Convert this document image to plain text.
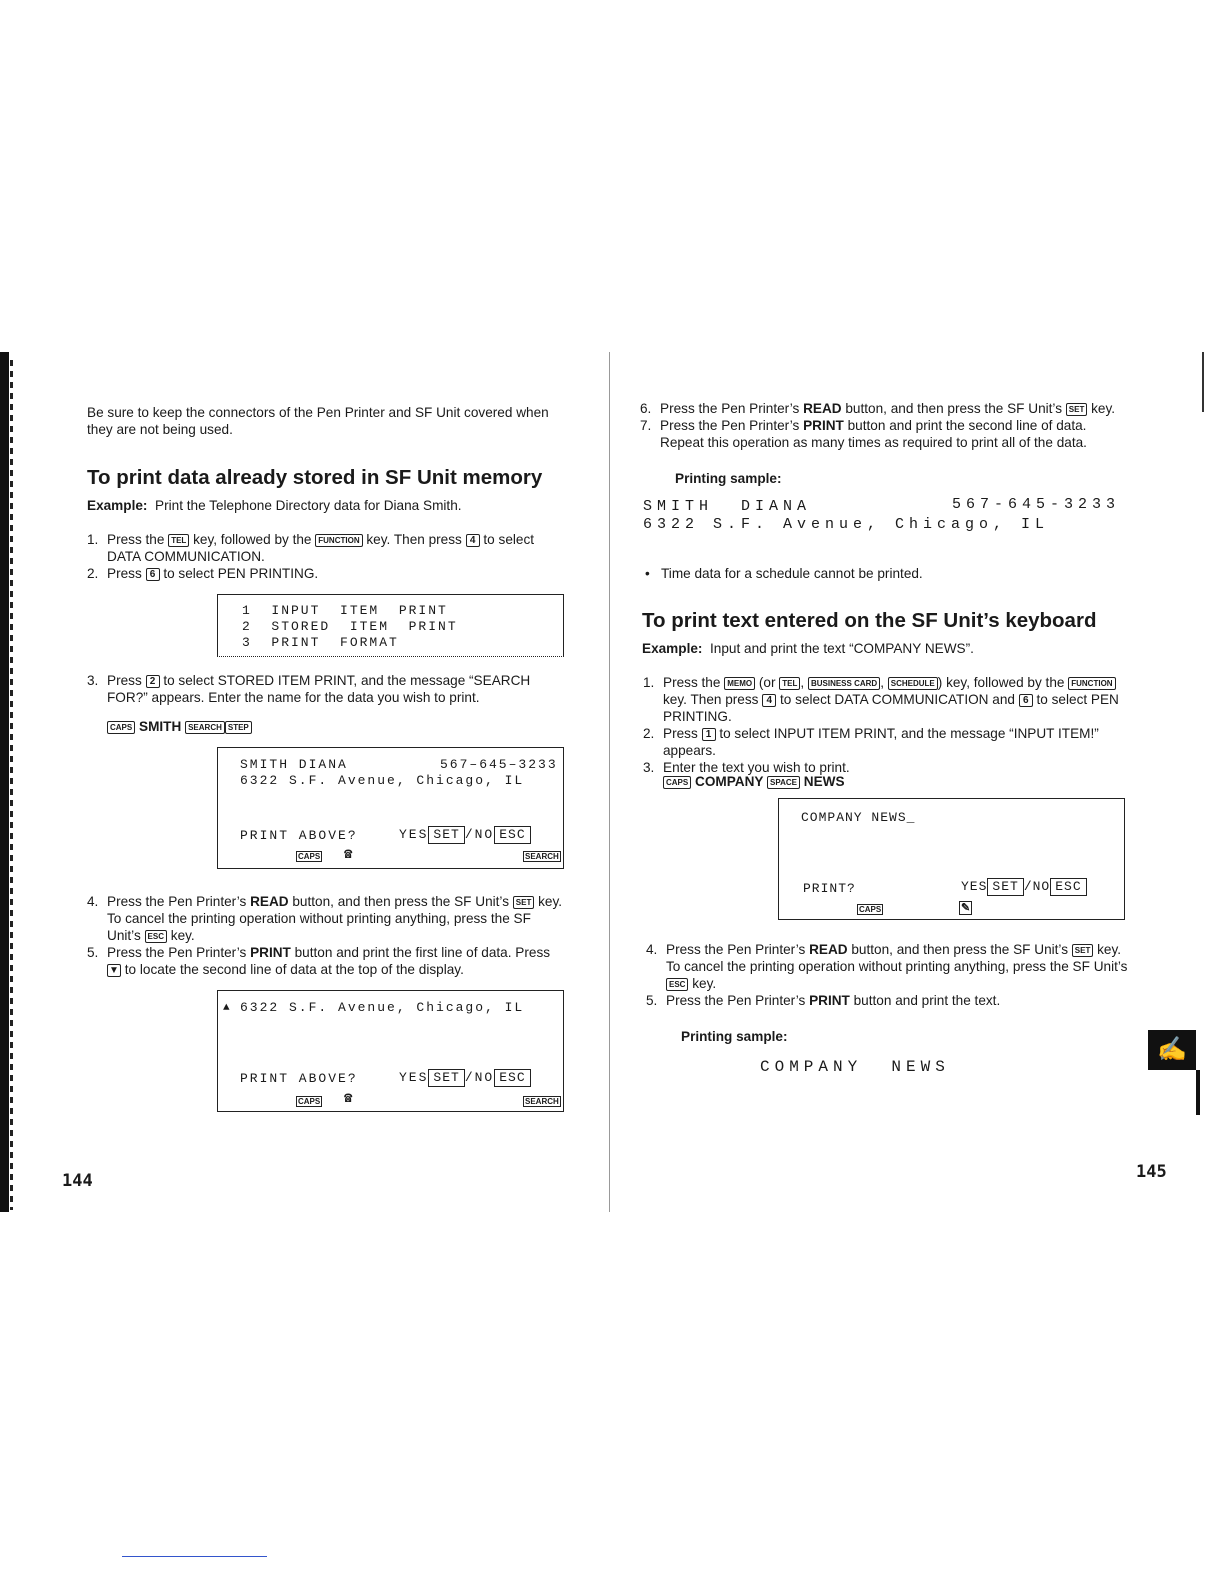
Be sure to keep the connectors of the Pen Printer and SF Unit covered when they are not being used.
To print data already stored in SF Unit memory
Example: Print the Telephone Directory data for Diana Smith.
1. Press the TEL key, followed by the FUNCTION key. Then press 4 to select DATA COMMUNICATION.
2. Press 6 to select PEN PRINTING.
1  INPUT  ITEM  PRINT
2  STORED  ITEM  PRINT
3  PRINT  FORMAT
3. Press 2 to select STORED ITEM PRINT, and the message “SEARCH FOR?” appears. Enter the name for the data you wish to print.
CAPS SMITH SEARCH STEP
SMITH DIANA	567–645–3233
6322 S.F. Avenue, Chicago, IL
PRINT ABOVE?	YES SET /NO ESC
CAPS ☎	SEARCH
4. Press the Pen Printer’s READ button, and then press the SF Unit’s SET key. To cancel the printing operation without printing anything, press the SF Unit’s ESC key.
5. Press the Pen Printer’s PRINT button and print the first line of data. Press ▼ to locate the second line of data at the top of the display.
▲ 6322 S.F. Avenue, Chicago, IL
PRINT ABOVE?	YES SET /NO ESC
CAPS ☎	SEARCH
144
6. Press the Pen Printer’s READ button, and then press the SF Unit’s SET key.
7. Press the Pen Printer’s PRINT button and print the second line of data. Repeat this operation as many times as required to print all of the data.
Printing sample:
SMITH  DIANA	567-645-3233
6322 S.F. Avenue, Chicago, IL
• Time data for a schedule cannot be printed.
To print text entered on the SF Unit’s keyboard
Example: Input and print the text “COMPANY NEWS”.
1. Press the MEMO (or TEL , BUSINESS CARD , SCHEDULE ) key, followed by the FUNCTION key. Then press 4 to select DATA COMMUNICATION and 6 to select PEN PRINTING.
2. Press 1 to select INPUT ITEM PRINT, and the message “INPUT ITEM!” appears.
3. Enter the text you wish to print.
CAPS COMPANY SPACE NEWS
COMPANY NEWS_
PRINT?	YES SET /NO ESC
CAPS	✎
4. Press the Pen Printer’s READ button, and then press the SF Unit’s SET key. To cancel the printing operation without printing anything, press the SF Unit’s ESC key.
5. Press the Pen Printer’s PRINT button and print the text.
Printing sample:
COMPANY  NEWS
✍
145
